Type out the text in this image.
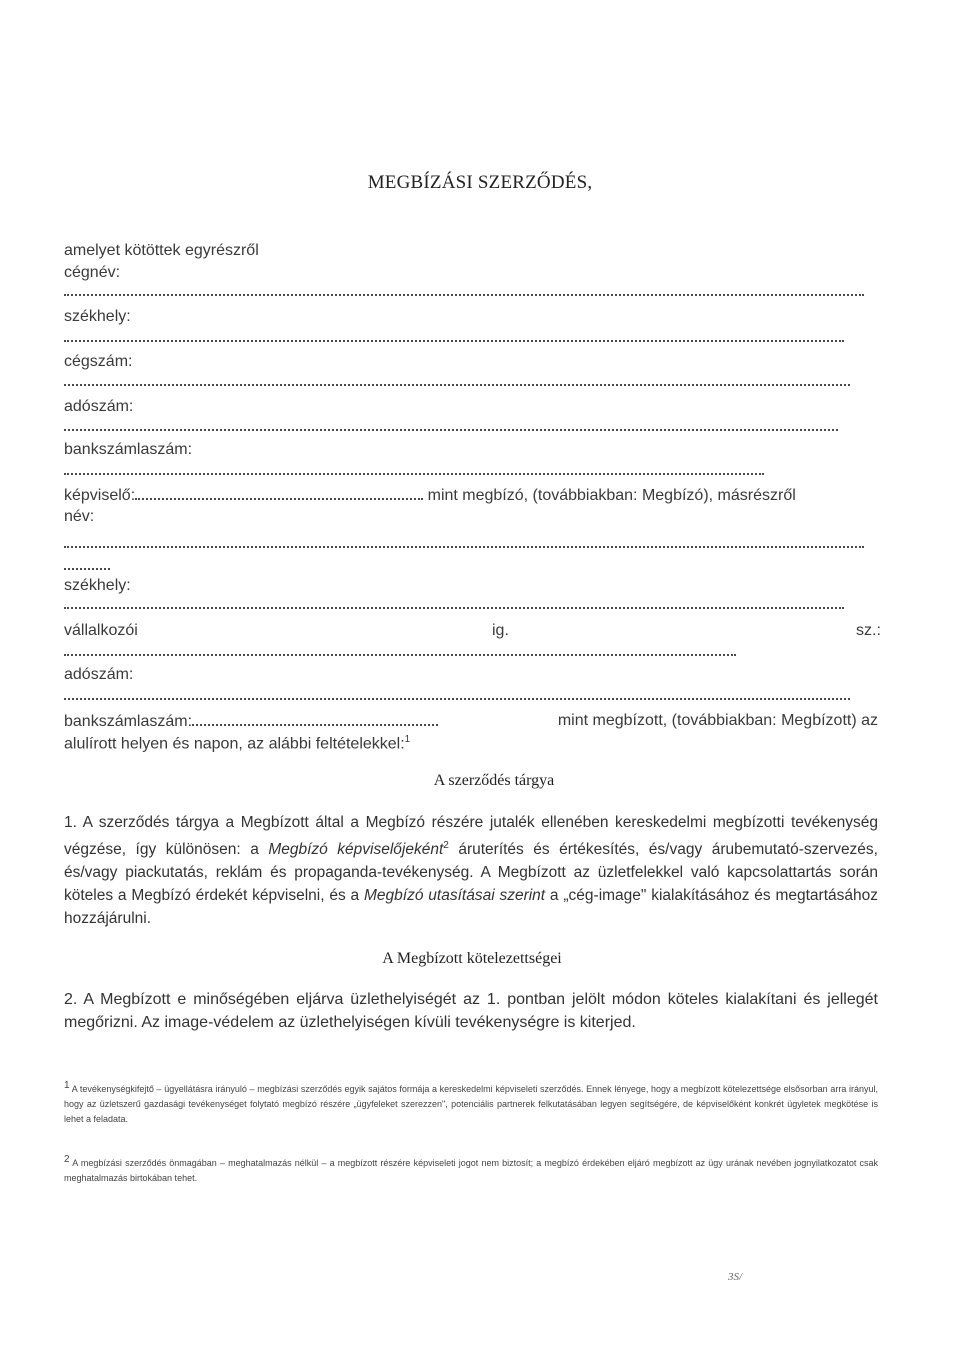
MEGBÍZÁSI SZERZŐDÉS,
amelyet kötöttek egyrészről
cégnév:
székhely:
cégszám:
adószám:
bankszámlaszám:
képviselő:	mint megbízó, (továbbiakban: Megbízó), másrészről
név:
székhely:
vállalkozói	ig.	sz.:
adószám:
bankszámlaszám:	mint megbízott, (továbbiakban: Megbízott) az
alulírott helyen és napon, az alábbi feltételekkel:$^1$
A szerződés tárgya

1. A szerződés tárgya a Megbízott által a Megbízó részére jutalék ellenében kereskedelmi megbízotti tevékenység végzése, így különösen: a Megbízó képviselőjeként$^2$ áruterítés és értékesítés, és/vagy árubemutató-szervezés, és/vagy piackutatás, reklám és propaganda-tevékenység. A Megbízott az üzletfelekkel való kapcsolattartás során köteles a Megbízó érdekét képviselni, és a Megbízó utasításai szerint a „cég-image" kialakításához és megtartásához hozzájárulni.

A Megbízott kötelezettségei

2. A Megbízott e minőségében eljárva üzlethelyiségét az 1. pontban jelölt módon köteles kialakítani és jellegét megőrizni. Az image-védelem az üzlethelyiségen kívüli tevékenységre is kiterjed.

1 A tevékenységkifejtő – ügyellátásra irányuló – megbízási szerződés egyik sajátos formája a kereskedelmi képviseleti szerződés. Ennek lényege, hogy a megbízott kötelezettsége elsősorban arra irányul, hogy az üzletszerű gazdasági tevékenységet folytató megbízó részére „ügyfeleket szerezzen", potenciális partnerek felkutatásában legyen segítségére, de képviselőként konkrét ügyletek megkötése is lehet a feladata.
2 A megbízási szerződés önmagában – meghatalmazás nélkül – a megbízott részére képviseleti jogot nem biztosít; a megbízó érdekében eljáró megbízott az ügy urának nevében jognyilatkozatot csak meghatalmazás birtokában tehet.
3S/
